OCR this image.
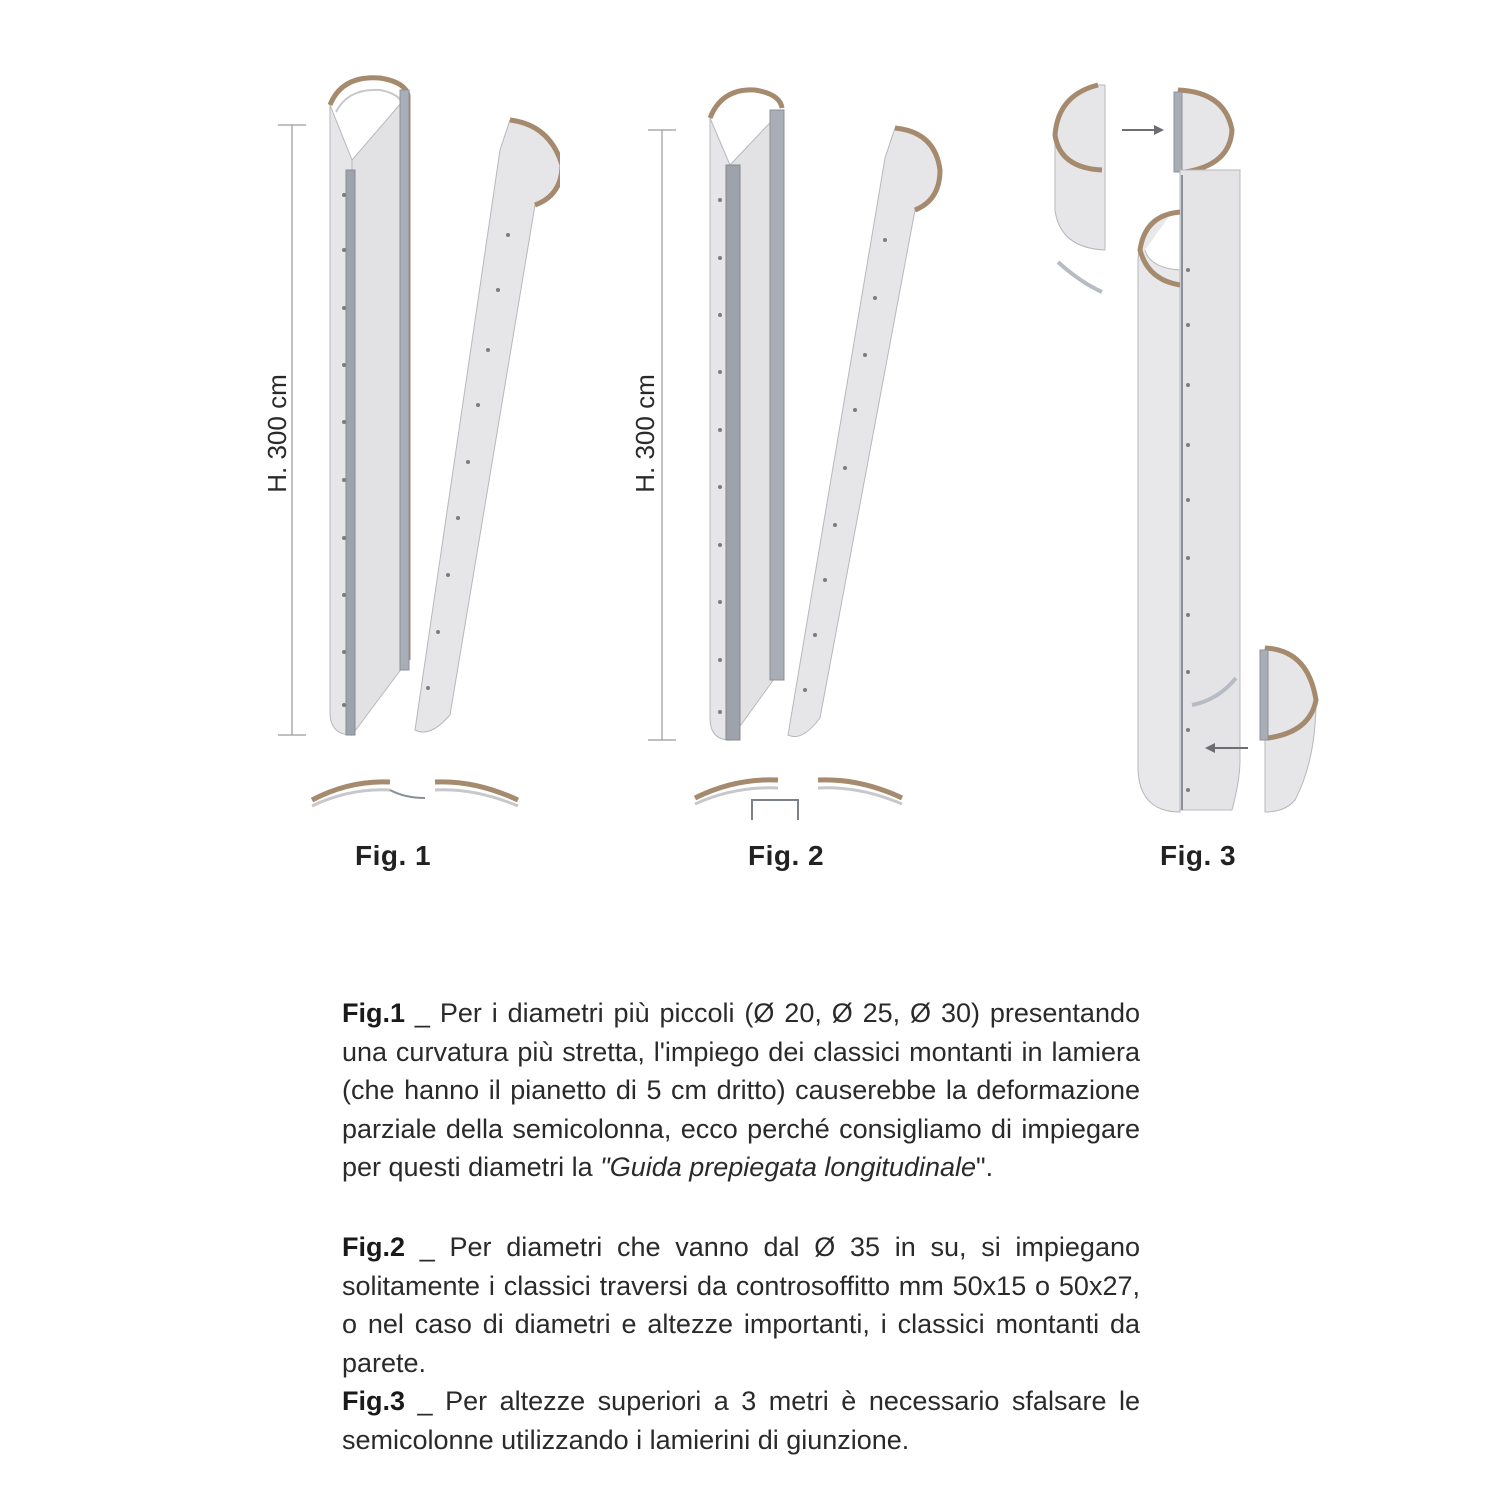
H. 300 cm
Fig. 1
H. 300 cm
Fig. 2	Fig. 3
Fig.1 _ Per i diametri più piccoli (Ø 20, Ø 25, Ø 30) presentando una curvatura più stretta, l'impiego dei classici montanti in lamiera (che hanno il pianetto di 5 cm dritto) causerebbe la deformazione parziale della semicolonna, ecco perché consigliamo di impiegare per questi diametri la "Guida prepiegata longitudinale".
Fig.2 _ Per diametri che vanno dal Ø 35 in su, si impiegano solitamente i classici traversi da controsoffitto mm 50x15 o 50x27, o nel caso di diametri e altezze importanti, i classici montanti da parete.
Fig.3 _ Per altezze superiori a 3 metri è necessario sfalsare le semicolonne utilizzando i lamierini di giunzione.
